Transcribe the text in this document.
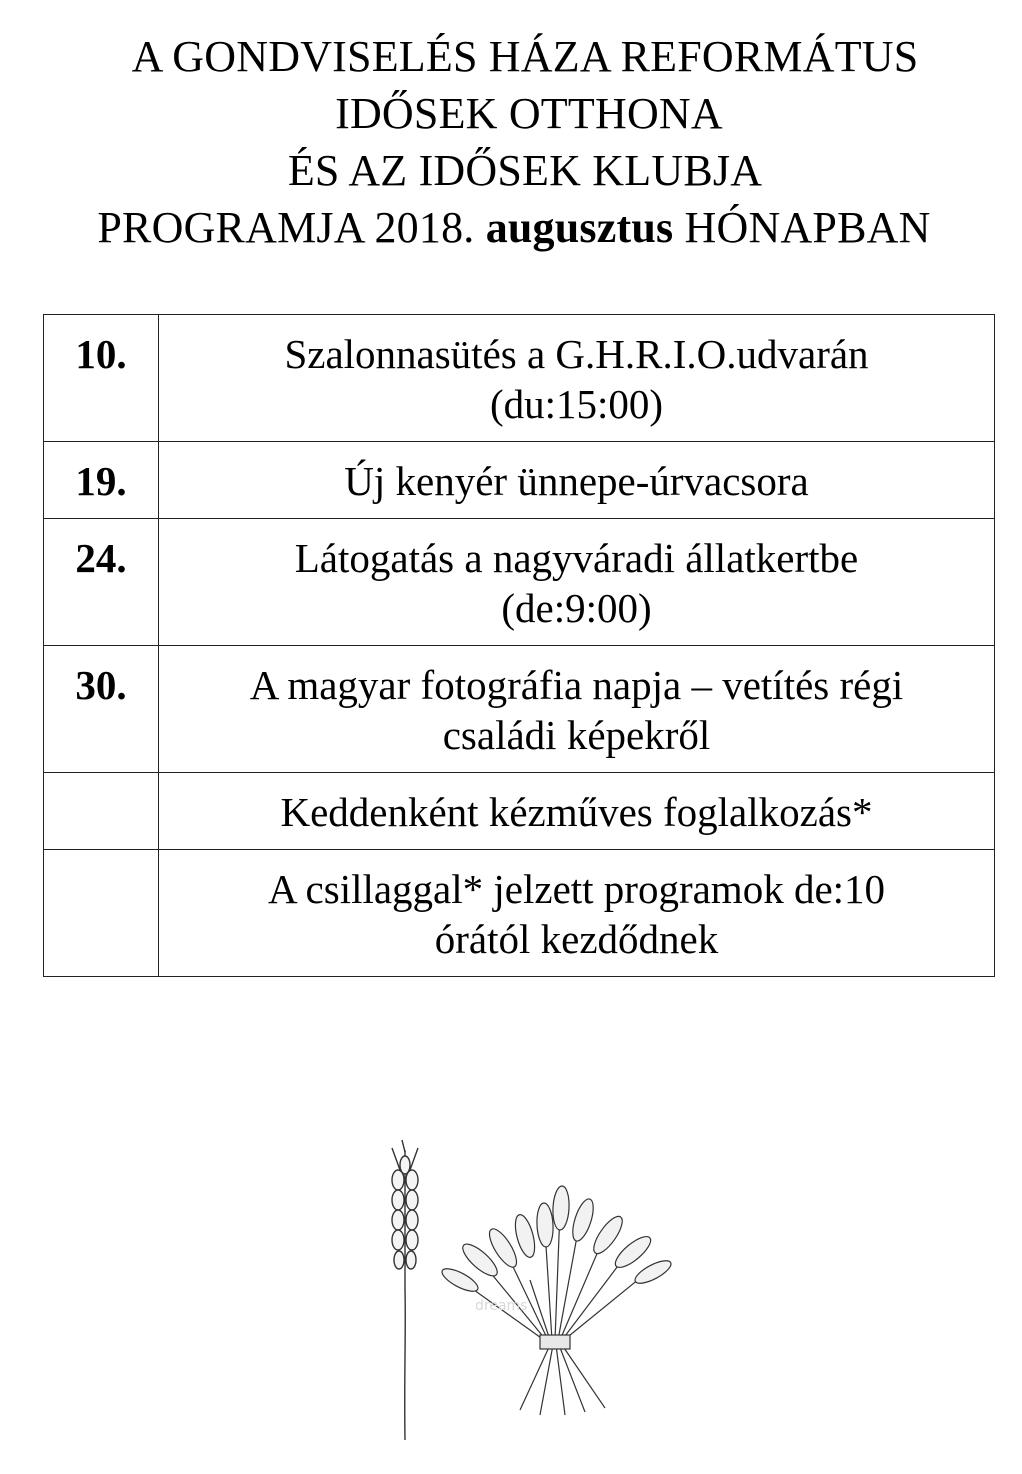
A GONDVISELÉS HÁZA REFORMÁTUS
IDŐSEK OTTHONA
ÉS AZ IDŐSEK KLUBJA
PROGRAMJA 2018. augusztus HÓNAPBAN
10.	Szalonnasütés a G.H.R.I.O.udvarán
(du:15:00)

19.	Új kenyér ünnepe-úrvacsora

24.	Látogatás a nagyváradi állatkertbe
(de:9:00)

30.	A magyar fotográfia napja – vetítés régi
családi képekről

	Keddenként kézműves foglalkozás*

	A csillaggal* jelzett programok de:10
órától kezdődnek
dreams
